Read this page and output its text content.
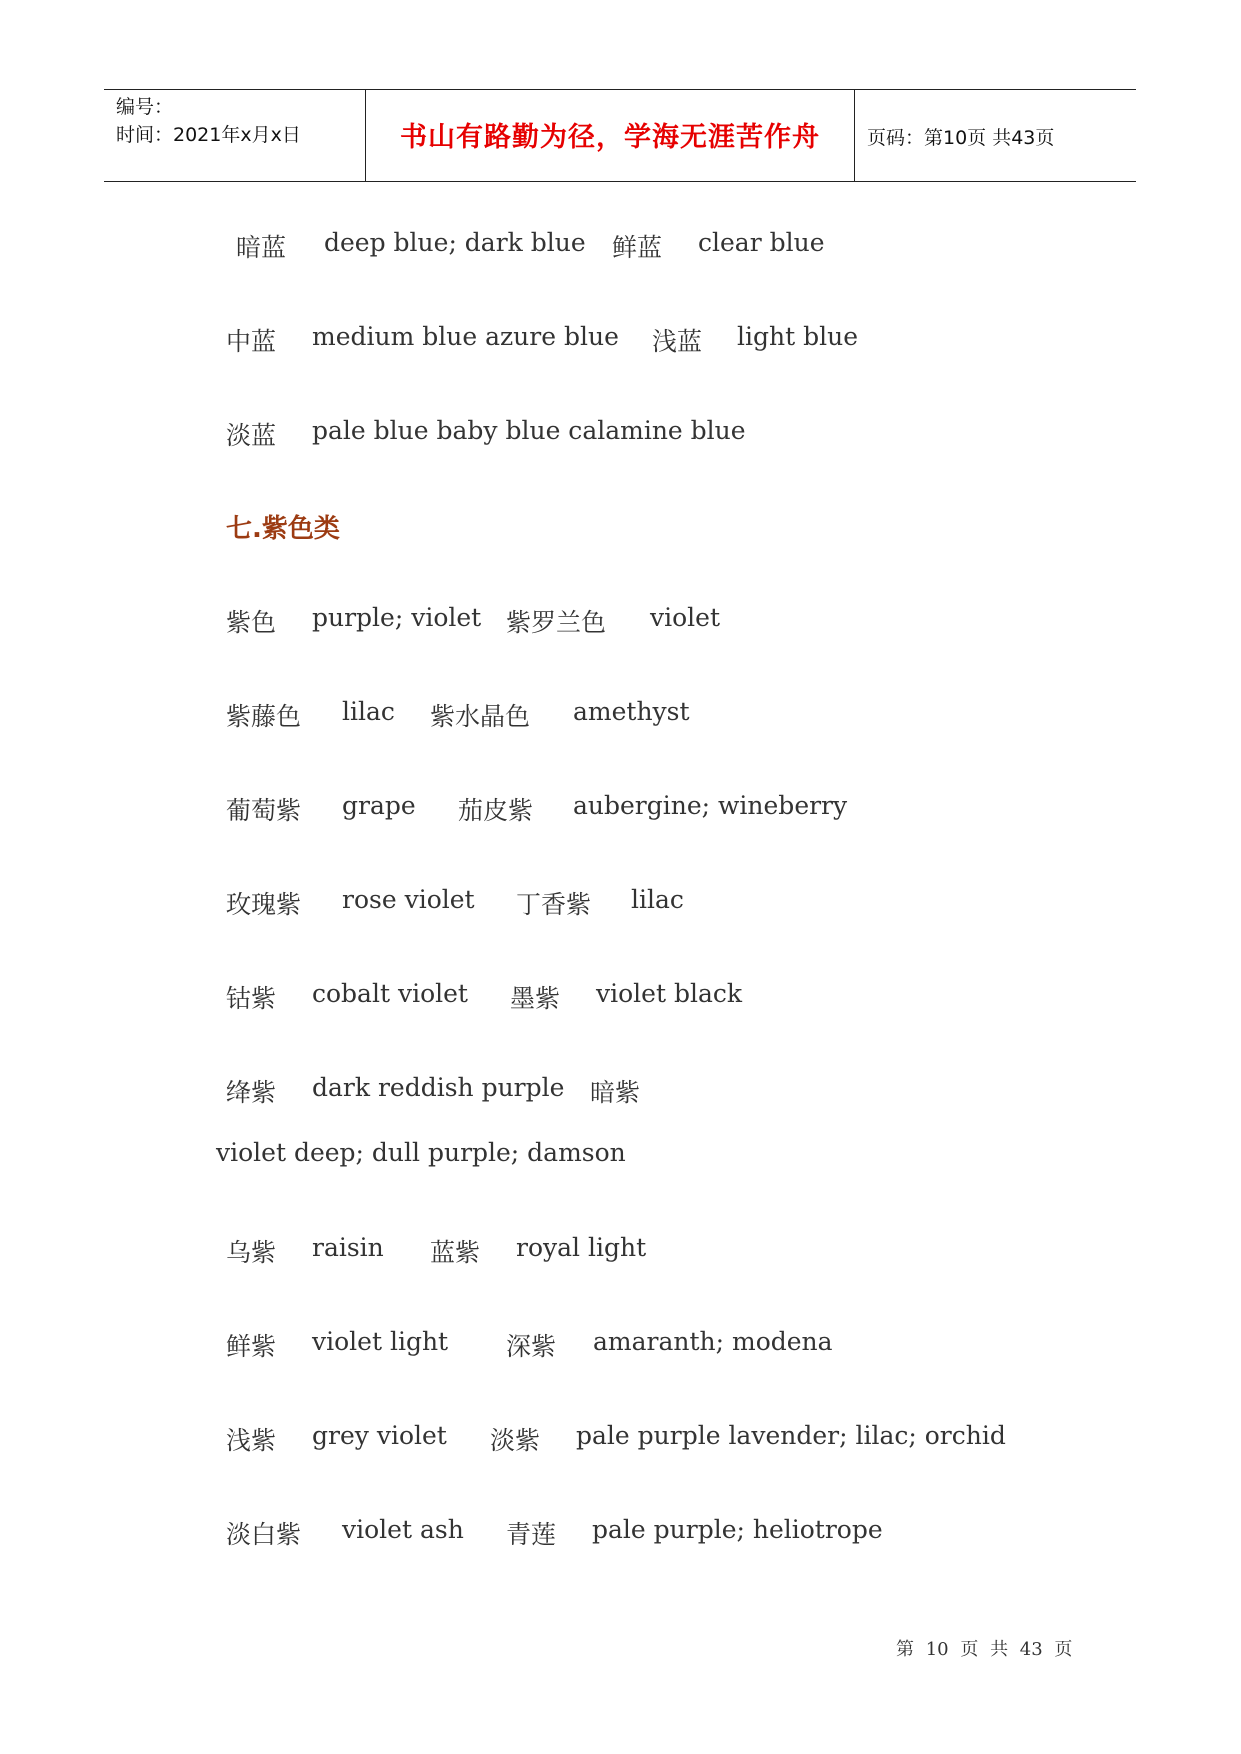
编号：
时间：2021年x月x日	书山有路勤为径，学海无涯苦作舟	页码：第10页 共43页
暗蓝 deep blue; dark blue 鲜蓝 clear blue
中蓝 medium blue azure blue 浅蓝 light blue
淡蓝 pale blue baby blue calamine blue
七.紫色类
紫色 purple; violet 紫罗兰色 violet
紫藤色 lilac 紫水晶色 amethyst
葡萄紫 grape 茄皮紫 aubergine; wineberry
玫瑰紫 rose violet 丁香紫 lilac
钴紫 cobalt violet 墨紫 violet black
绛紫 dark reddish purple 暗紫
violet deep; dull purple; damson
乌紫 raisin 蓝紫 royal light
鲜紫 violet light 深紫 amaranth; modena
浅紫 grey violet 淡紫 pale purple lavender; lilac; orchid
淡白紫 violet ash 青莲 pale purple; heliotrope
第 10 页 共 43 页
